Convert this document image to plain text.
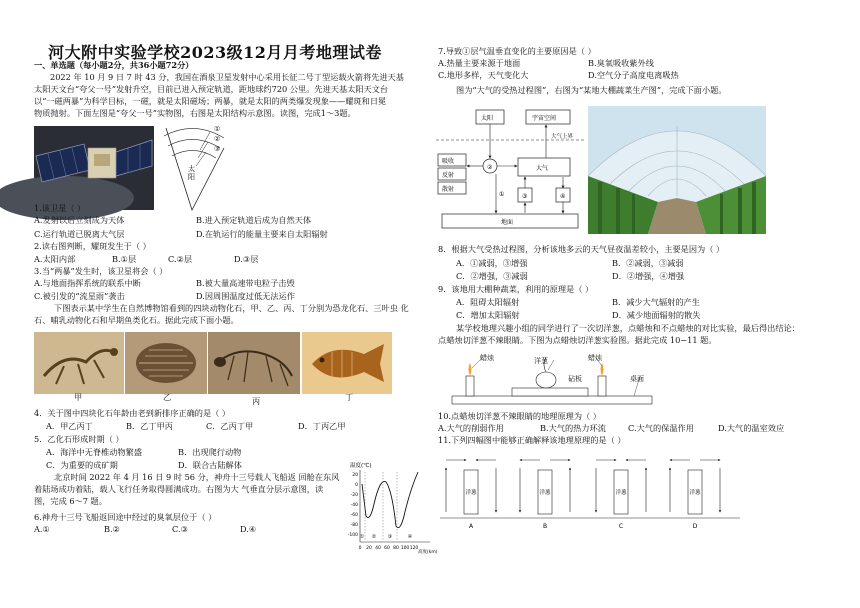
河大附中实验学校2023级12月月考地理试卷
一、单选题（每小题2分，共36小题72分）
2022 年 10 月 9 日 7 时 43 分，我国在酒泉卫星发射中心采用长征二号丁型运载火箭将先进天基
太阳天文台“夸父一号”发射升空，目前已进入预定轨道，距地球约720 公里。先进天基太阳天文台
以“一磁两暴”为科学目标，一磁，就是太阳磁场；两暴，就是太阳的两类爆发现象——耀斑和日冕
物质抛射。下面左图是“夸父一号”实物图，右图是太阳结构示意图。读图，完成1～3题。
太阳
①
②
③
1.该卫星（ ）
A.发射以后立刻成为天体	B.进入预定轨道后成为自然天体
C.运行轨道已脱离大气层	D.在轨运行的能量主要来自太阳辐射
2.读右图判断，耀斑发生于（ ）
A.太阳内部	B.①层	C.②层	D.③层
3.当“两暴”发生时，该卫星将会（ ）
A.与地面指挥系统的联系中断	B.被大量高速带电粒子击毁
C.被引发的“流星雨”袭击	D.因周围温度过低无法运作
下图表示某中学生在自然博物馆看到的四块动物化石，甲、乙、丙、丁分别为恐龙化石、三叶虫 化
石、哺乳动物化石和早期鱼类化石。据此完成下面小题。
甲	乙	丙	丁
4．关于图中四块化石年龄由老到新排序正确的是（ ）
A．甲乙丙丁	B．乙丁甲丙	C．乙丙丁甲	D．丁丙乙甲
5．乙化石形成时期（ ）
A．海洋中无脊椎动物繁盛	B．出现爬行动物
C．为重要的成矿期	D．联合古陆解体
北京时间 2022 年 4 月 16 日 9 时 56 分，神舟十三号载人飞船返 回舱在东风
着陆场成功着陆，载人飞行任务取得圆满成功。右图为大 气垂直分层示意图，读
图，完成 6～7 题。
6.神舟十三号飞船返回途中经过的臭氧层位于（ ）
A.①	B.②	C.③	D.④
温度(℃)
20
0
-20
-40
-60
-80
-100
0 20 40 60 80 100 120
高度(km)
① ② ③	④
7.导致①层气温垂直变化的主要原因是（ ）
A.热量主要来源于地面	B.臭氧吸收紫外线
C.地形多样，天气变化大	D.空气分子高度电离吸热
图为“大气的受热过程图”，右图为“某地大棚蔬菜生产图”，完成下面小题。
太阳	宇宙空间
大气上界
吸收
反射
散射
大气
地面
②
①	③	④
8．根据大气受热过程图，分析该地多云的天气昼夜温差较小，主要是因为（ ）
A．①减弱，③增强	B．②减弱，③减弱
C．②增强，③减弱	D．②增强，④增强
9．该地用大棚种蔬菜，利用的原理是（ ）
A．阻碍太阳辐射	B．减少大气辐射的产生
C．增加太阳辐射	D．减少地面辐射的散失
某学校地理兴趣小组的同学进行了一次切洋葱，点蜡烛和不点蜡烛的对比实验，最后得出结论：
点蜡烛切洋葱不辣眼睛。下图为点蜡烛切洋葱实验图。据此完成 10~11 题。
蜡烛	洋葱
砧板
蜡烛
桌面
10.点蜡烛切洋葱不辣眼睛的地理原理为（ ）
A.大气的削弱作用	B.大气的热力环流	C.大气的保温作用	D.大气的温室效应
11.下列四幅图中能够正确解释该地理原理的是（ ）
A	B	C	D
洋葱	洋葱	洋葱	洋葱
